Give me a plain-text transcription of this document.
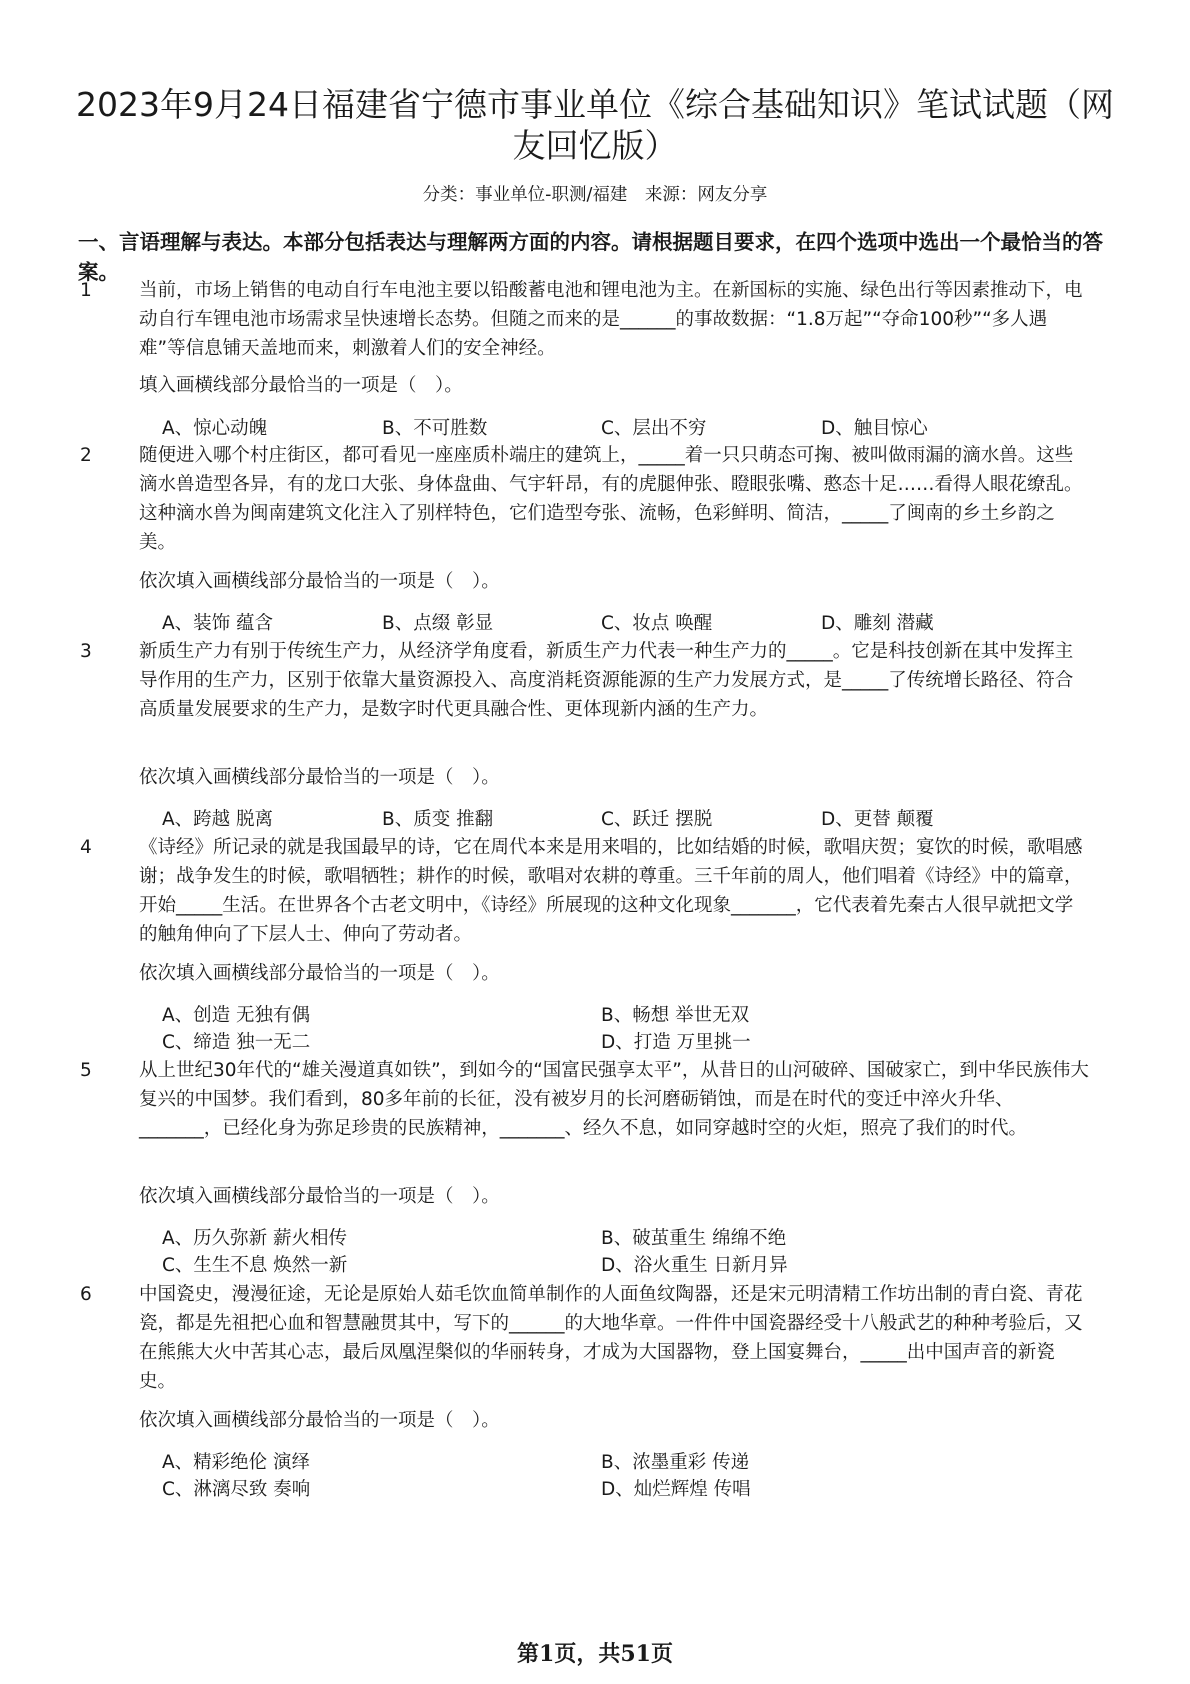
2023年9月24日福建省宁德市事业单位《综合基础知识》笔试试题（网友回忆版）
分类：事业单位-职测/福建　来源：网友分享
一、言语理解与表达。本部分包括表达与理解两方面的内容。请根据题目要求，在四个选项中选出一个最恰当的答案。
1	当前，市场上销售的电动自行车电池主要以铅酸蓄电池和锂电池为主。在新国标的实施、绿色出行等因素推动下，电动自行车锂电池市场需求呈快速增长态势。但随之而来的是______的事故数据：“1.8万起”“夺命100秒”“多人遇难”等信息铺天盖地而来，刺激着人们的安全神经。
填入画横线部分最恰当的一项是（　）。
A、惊心动魄	B、不可胜数	C、层出不穷	D、触目惊心
2	随便进入哪个村庄街区，都可看见一座座质朴端庄的建筑上，_____着一只只萌态可掬、被叫做雨漏的滴水兽。这些滴水兽造型各异，有的龙口大张、身体盘曲、气宇轩昂，有的虎腿伸张、瞪眼张嘴、憨态十足……看得人眼花缭乱。这种滴水兽为闽南建筑文化注入了别样特色，它们造型夸张、流畅，色彩鲜明、简洁，_____了闽南的乡土乡韵之美。
依次填入画横线部分最恰当的一项是（　）。
A、装饰 蕴含	B、点缀 彰显	C、妆点 唤醒	D、雕刻 潜藏
3	新质生产力有别于传统生产力，从经济学角度看，新质生产力代表一种生产力的_____。它是科技创新在其中发挥主导作用的生产力，区别于依靠大量资源投入、高度消耗资源能源的生产力发展方式，是_____了传统增长路径、符合高质量发展要求的生产力，是数字时代更具融合性、更体现新内涵的生产力。
依次填入画横线部分最恰当的一项是（　）。
A、跨越 脱离	B、质变 推翻	C、跃迁 摆脱	D、更替 颠覆
4	《诗经》所记录的就是我国最早的诗，它在周代本来是用来唱的，比如结婚的时候，歌唱庆贺；宴饮的时候，歌唱感谢；战争发生的时候，歌唱牺牲；耕作的时候，歌唱对农耕的尊重。三千年前的周人，他们唱着《诗经》中的篇章，开始_____生活。在世界各个古老文明中，《诗经》所展现的这种文化现象_______，它代表着先秦古人很早就把文学的触角伸向了下层人士、伸向了劳动者。
依次填入画横线部分最恰当的一项是（　）。
A、创造 无独有偶	B、畅想 举世无双
C、缔造 独一无二	D、打造 万里挑一
5	从上世纪30年代的“雄关漫道真如铁”，到如今的“国富民强享太平”，从昔日的山河破碎、国破家亡，到中华民族伟大复兴的中国梦。我们看到，80多年前的长征，没有被岁月的长河磨砺销蚀，而是在时代的变迁中淬火升华、_______，已经化身为弥足珍贵的民族精神，_______、经久不息，如同穿越时空的火炬，照亮了我们的时代。
依次填入画横线部分最恰当的一项是（　）。
A、历久弥新 薪火相传	B、破茧重生 绵绵不绝
C、生生不息 焕然一新	D、浴火重生 日新月异
6	中国瓷史，漫漫征途，无论是原始人茹毛饮血简单制作的人面鱼纹陶器，还是宋元明清精工作坊出制的青白瓷、青花瓷，都是先祖把心血和智慧融贯其中，写下的______的大地华章。一件件中国瓷器经受十八般武艺的种种考验后，又在熊熊大火中苦其心志，最后凤凰涅槃似的华丽转身，才成为大国器物，登上国宴舞台，_____出中国声音的新瓷史。
依次填入画横线部分最恰当的一项是（　）。
A、精彩绝伦 演绎	B、浓墨重彩 传递
C、淋漓尽致 奏响	D、灿烂辉煌 传唱
第1页，共51页
